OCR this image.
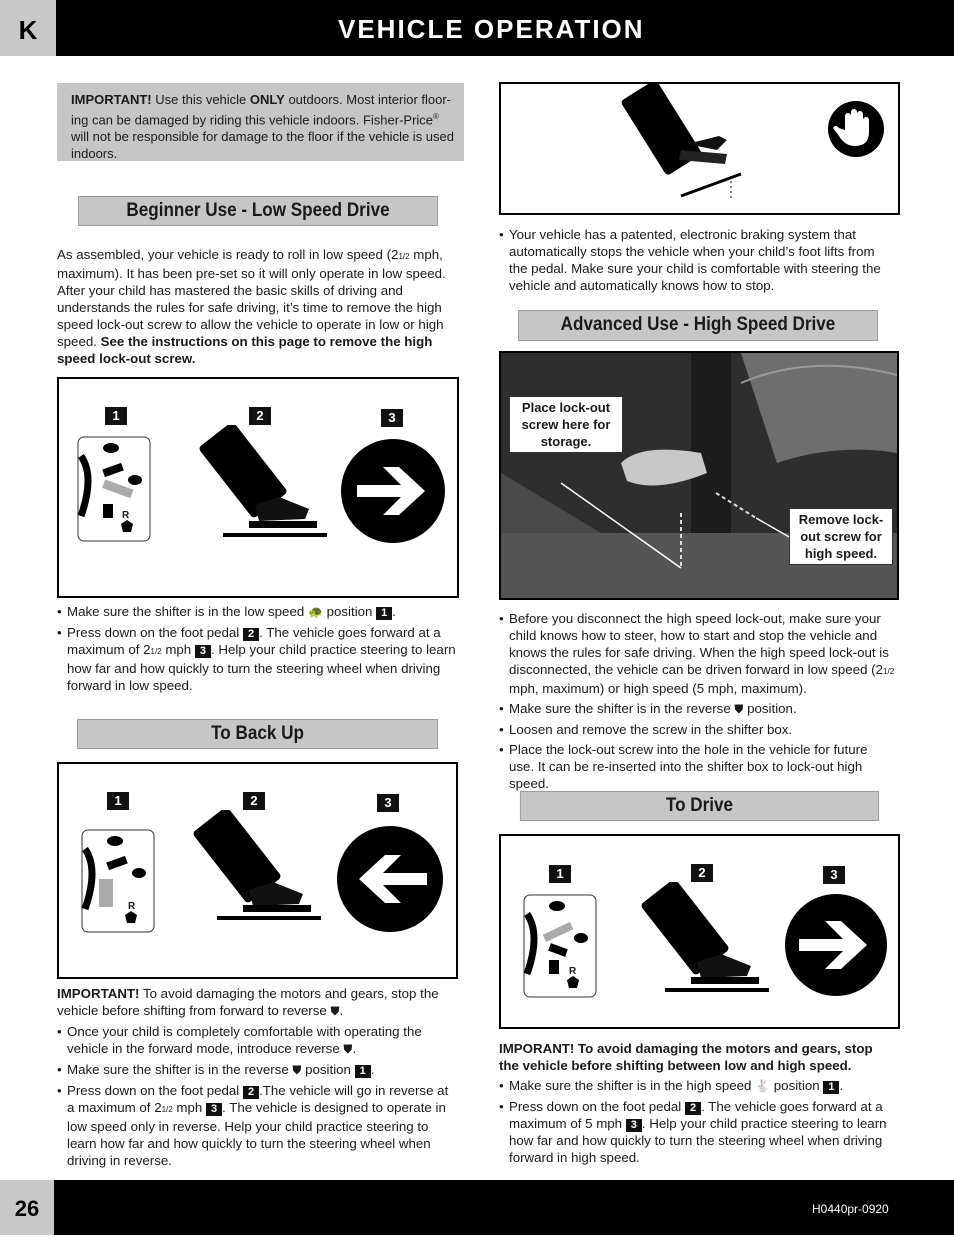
K	VEHICLE OPERATION
IMPORTANT! Use this vehicle ONLY outdoors. Most interior floor-ing can be damaged by riding this vehicle indoors. Fisher-Price® will not be responsible for damage to the floor if the vehicle is used indoors.
Beginner Use - Low Speed Drive
As assembled, your vehicle is ready to roll in low speed (21/2 mph, maximum). It has been pre-set so it will only operate in low speed. After your child has mastered the basic skills of driving and understands the rules for safe driving, it’s time to remove the high speed lock-out screw to allow the vehicle to operate in low or high speed. See the instructions on this page to remove the high speed lock-out screw.
1	2	3
R
• Make sure the shifter is in the low speed 🐢 position 1 .
• Press down on the foot pedal 2 . The vehicle goes forward at a maximum of 21/2 mph 3 . Help your child practice steering to learn how far and how quickly to turn the steering wheel when driving forward in low speed.
To Back Up
1	2	3
R
IMPORTANT! To avoid damaging the motors and gears, stop the vehicle before shifting from forward to reverse ⛊.
• Once your child is completely comfortable with operating the vehicle in the forward mode, introduce reverse ⛊.
• Make sure the shifter is in the reverse ⛊ position 1 .
• Press down on the foot pedal 2 .The vehicle will go in reverse at a maximum of 21/2 mph 3 . The vehicle is designed to operate in low speed only in reverse. Help your child practice steering to learn how far and how quickly to turn the steering wheel when driving in reverse.
• Your vehicle has a patented, electronic braking system that automatically stops the vehicle when your child’s foot lifts from the pedal. Make sure your child is comfortable with steering the vehicle and automatically knows how to stop.
Advanced Use - High Speed Drive
Place lock-out screw here for storage.
Remove lock-out screw for high speed.
• Before you disconnect the high speed lock-out, make sure your child knows how to steer, how to start and stop the vehicle and knows the rules for safe driving. When the high speed lock-out is disconnected, the vehicle can be driven forward in low speed (21/2 mph, maximum) or high speed (5 mph, maximum).
• Make sure the shifter is in the reverse ⛊ position.
• Loosen and remove the screw in the shifter box.
• Place the lock-out screw into the hole in the vehicle for future use. It can be re-inserted into the shifter box to lock-out high speed.
To Drive
1	2	3
R
IMPORANT! To avoid damaging the motors and gears, stop the vehicle before shifting between low and high speed.
• Make sure the shifter is in the high speed 🐇 position 1 .
• Press down on the foot pedal 2 . The vehicle goes forward at a maximum of 5 mph 3 . Help your child practice steering to learn how far and how quickly to turn the steering wheel when driving forward in high speed.
26	H0440pr-0920
